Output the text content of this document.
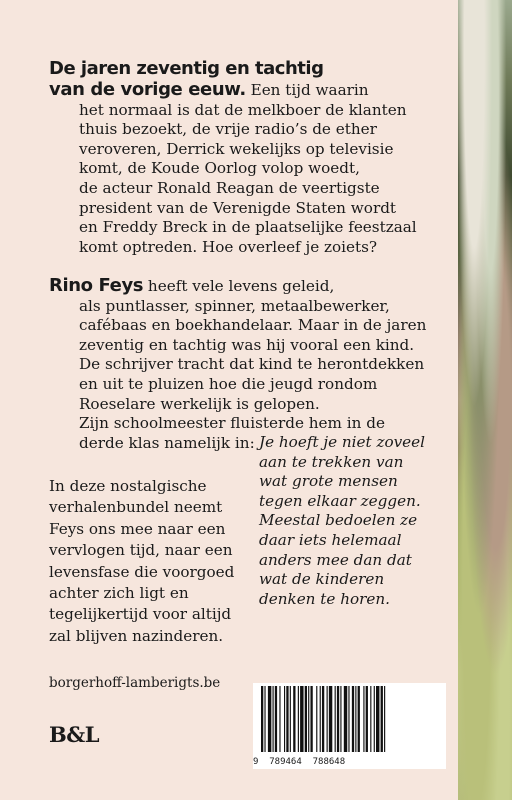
De jaren zeventig en tachtig
van de vorige eeuw. Een tijd waarin

het normaal is dat de melkboer de klanten
thuis bezoekt, de vrije radio’s de ether
veroveren, Derrick wekelijks op televisie
komt, de Koude Oorlog volop woedt,
de acteur Ronald Reagan de veertigste
president van de Verenigde Staten wordt
en Freddy Breck in de plaatselijke feestzaal
komt optreden. Hoe overleef je zoiets?

Rino Feys heeft vele levens geleid,

als puntlasser, spinner, metaalbewerker,
cafébaas en boekhandelaar. Maar in de jaren
zeventig en tachtig was hij vooral een kind.
De schrijver tracht dat kind te herontdekken
en uit te pluizen hoe die jeugd rondom
Roeselare werkelijk is gelopen.
Zijn schoolmeester fluisterde hem in de
derde klas namelijk in: Je hoeft je niet zoveel
aan te trekken van
wat grote mensen
tegen elkaar zeggen.
Meestal bedoelen ze
daar iets helemaal
anders mee dan dat
wat de kinderen
denken te horen.

In deze nostalgische
verhalenbundel neemt
Feys ons mee naar een
vervlogen tijd, naar een
levensfase die voorgoed
achter zich ligt en
tegelijkertijd voor altijd
zal blijven nazinderen.

borgerhoff-lamberigts.be
B&L
9  789464  788648
